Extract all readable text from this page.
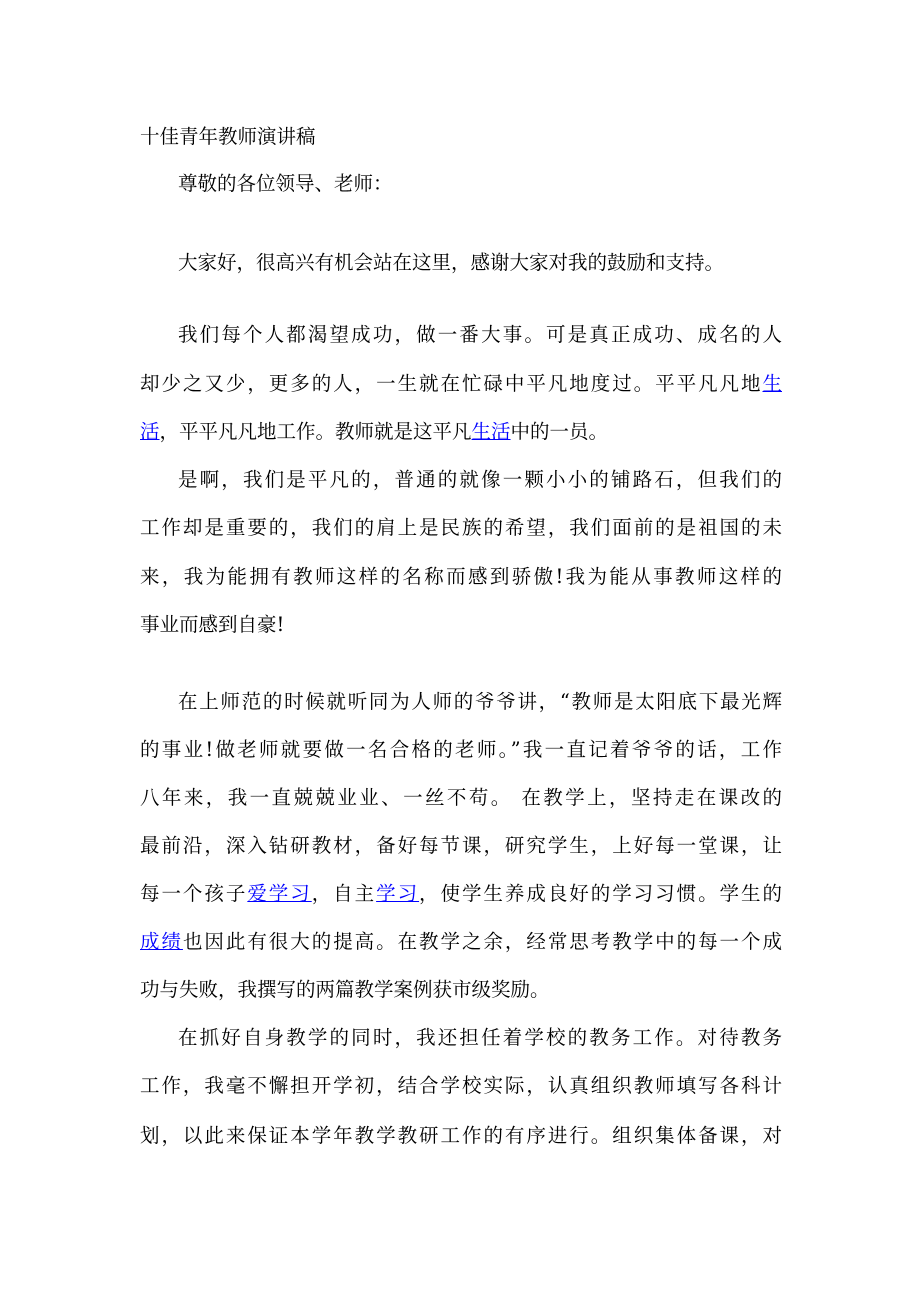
十佳青年教师演讲稿
尊敬的各位领导、老师：
大家好，很高兴有机会站在这里，感谢大家对我的鼓励和支持。
我们每个人都渴望成功，做一番大事。可是真正成功、成名的人
却少之又少，更多的人，一生就在忙碌中平凡地度过。平平凡凡地生
活，平平凡凡地工作。教师就是这平凡生活中的一员。
是啊，我们是平凡的，普通的就像一颗小小的铺路石，但我们的
工作却是重要的，我们的肩上是民族的希望，我们面前的是祖国的未
来，我为能拥有教师这样的名称而感到骄傲!我为能从事教师这样的
事业而感到自豪!
在上师范的时候就听同为人师的爷爷讲，“教师是太阳底下最光辉
的事业!做老师就要做一名合格的老师。”我一直记着爷爷的话，工作
八年来，我一直兢兢业业、一丝不苟。 在教学上，坚持走在课改的
最前沿，深入钻研教材，备好每节课，研究学生，上好每一堂课，让
每一个孩子爱学习，自主学习，使学生养成良好的学习习惯。学生的
成绩也因此有很大的提高。在教学之余，经常思考教学中的每一个成
功与失败，我撰写的两篇教学案例获市级奖励。
在抓好自身教学的同时，我还担任着学校的教务工作。对待教务
工作，我毫不懈担开学初，结合学校实际，认真组织教师填写各科计
划，以此来保证本学年教学教研工作的有序进行。组织集体备课，对
